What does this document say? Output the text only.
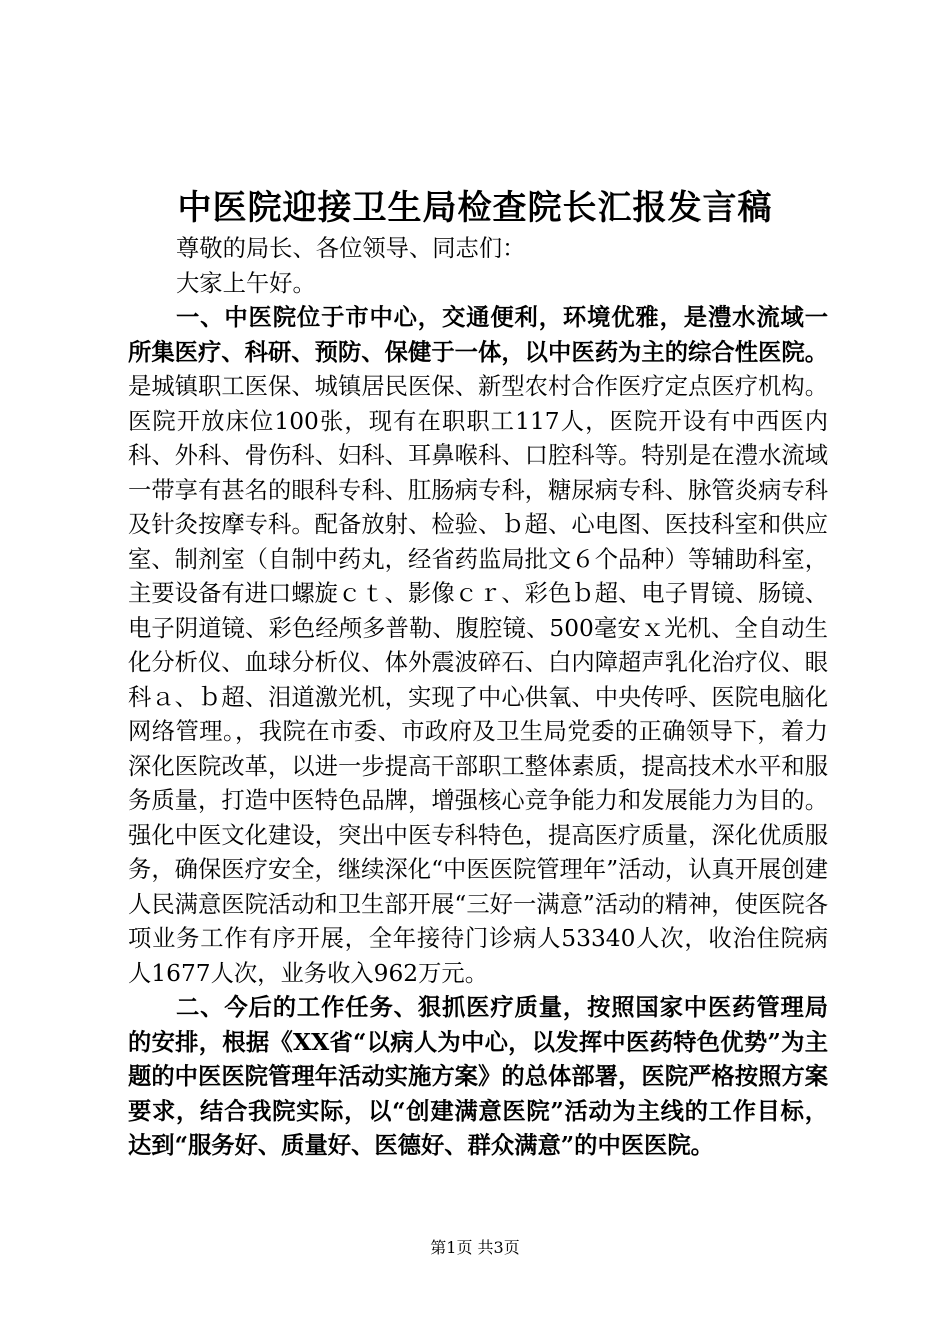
中医院迎接卫生局检查院长汇报发言稿

尊敬的局长、各位领导、同志们：

大家上午好。

一、中医院位于市中心，交通便利，环境优雅，是澧水流域一所集医疗、科研、预防、保健于一体，以中医药为主的综合性医院。是城镇职工医保、城镇居民医保、新型农村合作医疗定点医疗机构。医院开放床位100张，现有在职职工117人，医院开设有中西医内科、外科、骨伤科、妇科、耳鼻喉科、口腔科等。特别是在澧水流域一带享有甚名的眼科专科、肛肠病专科，糖尿病专科、脉管炎病专科及针灸按摩专科。配备放射、检验、ｂ超、心电图、医技科室和供应室、制剂室（自制中药丸，经省药监局批文６个品种）等辅助科室，主要设备有进口螺旋ｃｔ、影像ｃｒ、彩色ｂ超、电子胃镜、肠镜、电子阴道镜、彩色经颅多普勒、腹腔镜、500毫安ｘ光机、全自动生化分析仪、血球分析仪、体外震波碎石、白内障超声乳化治疗仪、眼科ａ、ｂ超、泪道激光机，实现了中心供氧、中央传呼、医院电脑化网络管理。，我院在市委、市政府及卫生局党委的正确领导下，着力深化医院改革，以进一步提高干部职工整体素质，提高技术水平和服务质量，打造中医特色品牌，增强核心竞争能力和发展能力为目的。强化中医文化建设，突出中医专科特色，提高医疗质量，深化优质服务，确保医疗安全，继续深化“中医医院管理年”活动，认真开展创建人民满意医院活动和卫生部开展“三好一满意”活动的精神，使医院各项业务工作有序开展，全年接待门诊病人53340人次，收治住院病人1677人次，业务收入962万元。

二、今后的工作任务、狠抓医疗质量，按照国家中医药管理局的安排，根据《XX省“以病人为中心，以发挥中医药特色优势”为主题的中医医院管理年活动实施方案》的总体部署，医院严格按照方案要求，结合我院实际，以“创建满意医院”活动为主线的工作目标，达到“服务好、质量好、医德好、群众满意”的中医医院。

第1页 共3页
